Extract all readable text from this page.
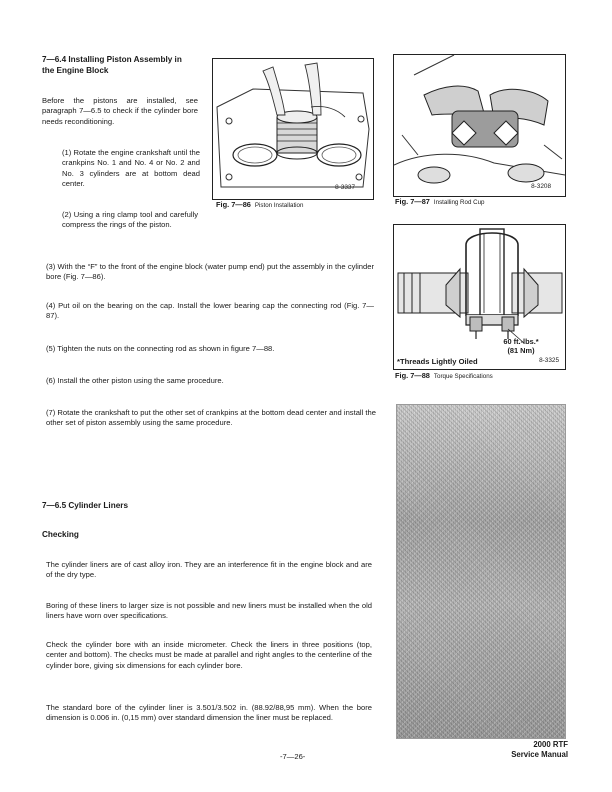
7—6.4 Installing Piston Assembly in
the Engine Block
Before the pistons are installed, see paragraph 7—6.5 to check if the cylinder bore needs reconditioning.
(1) Rotate the engine crankshaft until the crankpins No. 1 and No. 4 or No. 2 and No. 3 cylinders are at bottom dead center.	8-3337
Fig. 7—86 Piston Installation
(2) Using a ring clamp tool and carefully compress the rings of the piston.
8-3208
Fig. 7—87 Installing Rod Cup
60 ft.-lbs.*
(81 Nm)
*Threads Lightly Oiled	8-3325
Fig. 7—88 Torque Specifications
(3) With the “F” to the front of the engine block (water pump end) put the assembly in the cylinder bore (Fig. 7—86).
(4) Put oil on the bearing on the cap. Install the lower bearing cap the connecting rod (Fig. 7—87).
(5) Tighten the nuts on the connecting rod as shown in figure 7—88.
(6) Install the other piston using the same procedure.
(7) Rotate the crankshaft to put the other set of crankpins at the bottom dead center and install the other set of piston assembly using the same procedure.
7—6.5 Cylinder Liners
Checking
The cylinder liners are of cast alloy iron. They are an interference fit in the engine block and are of the dry type.
Boring of these liners to larger size is not possible and new liners must be installed when the old liners have worn over specifications.
Check the cylinder bore with an inside micrometer. Check the liners in three positions (top, center and bottom). The checks must be made at parallel and right angles to the centerline of the cylinder bore, giving six dimensions for each cylinder bore.
The standard bore of the cylinder liner is 3.501/3.502 in. (88.92/88,95 mm). When the bore dimension is 0.006 in. (0,15 mm) over standard dimension the liner must be replaced.
-7—26-
2000 RTF
Service Manual
